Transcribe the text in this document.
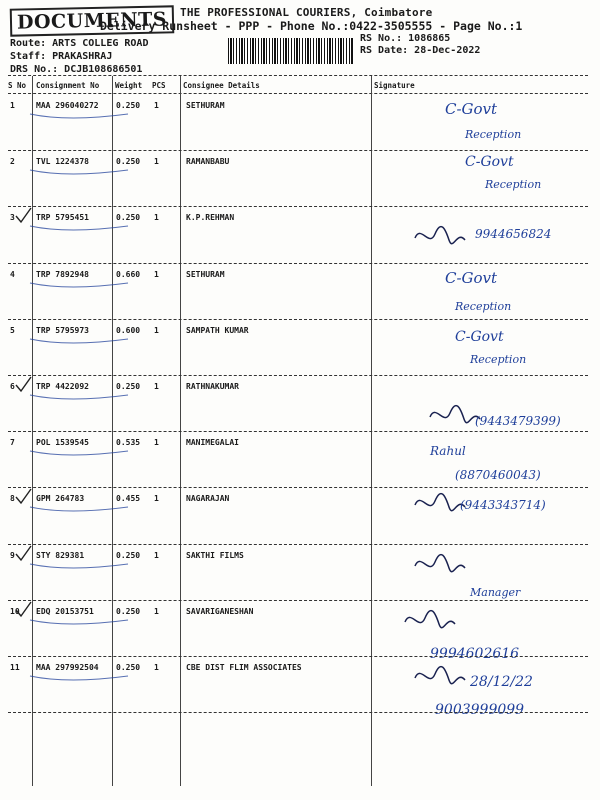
DOCUMENTS	THE PROFESSIONAL COURIERS, Coimbatore
Delivery Runsheet - PPP - Phone No.:0422-3505555 - Page No.:1
Route: ARTS COLLEG ROAD
Staff: PRAKASHRAJ
DRS No.: DCJB108686501
RS No.: 1086865
RS Date: 28-Dec-2022
S No Consignment No Weight PCS Consignee Details	Signature
1	MAA 296040272 0.250 1	SETHURAM	C-Govt
Reception
2	TVL 1224378	0.250 1	RAMANBABU	C-Govt
Reception
3	TRP 5795451	0.250 1	K.P.REHMAN
9944656824
4	TRP 7892948	0.660 1	SETHURAM	C-Govt
Reception
5	TRP 5795973	0.600 1	SAMPATH KUMAR	C-Govt
Reception
6	TRP 4422092	0.250 1	RATHNAKUMAR
(9443479399)
7	POL 1539545	0.535 1	MANIMEGALAI
Rahul
(8870460043)
8	GPM 264783	0.455 1	NAGARAJAN	(9443343714)
9	STY 829381	0.250 1	SAKTHI FILMS
Manager
10 EDQ 20153751	0.250 1	SAVARIGANESHAN
9994602616
11 MAA 297992504 0.250 1	CBE DIST FLIM ASSOCIATES
28/12/22
9003999099
